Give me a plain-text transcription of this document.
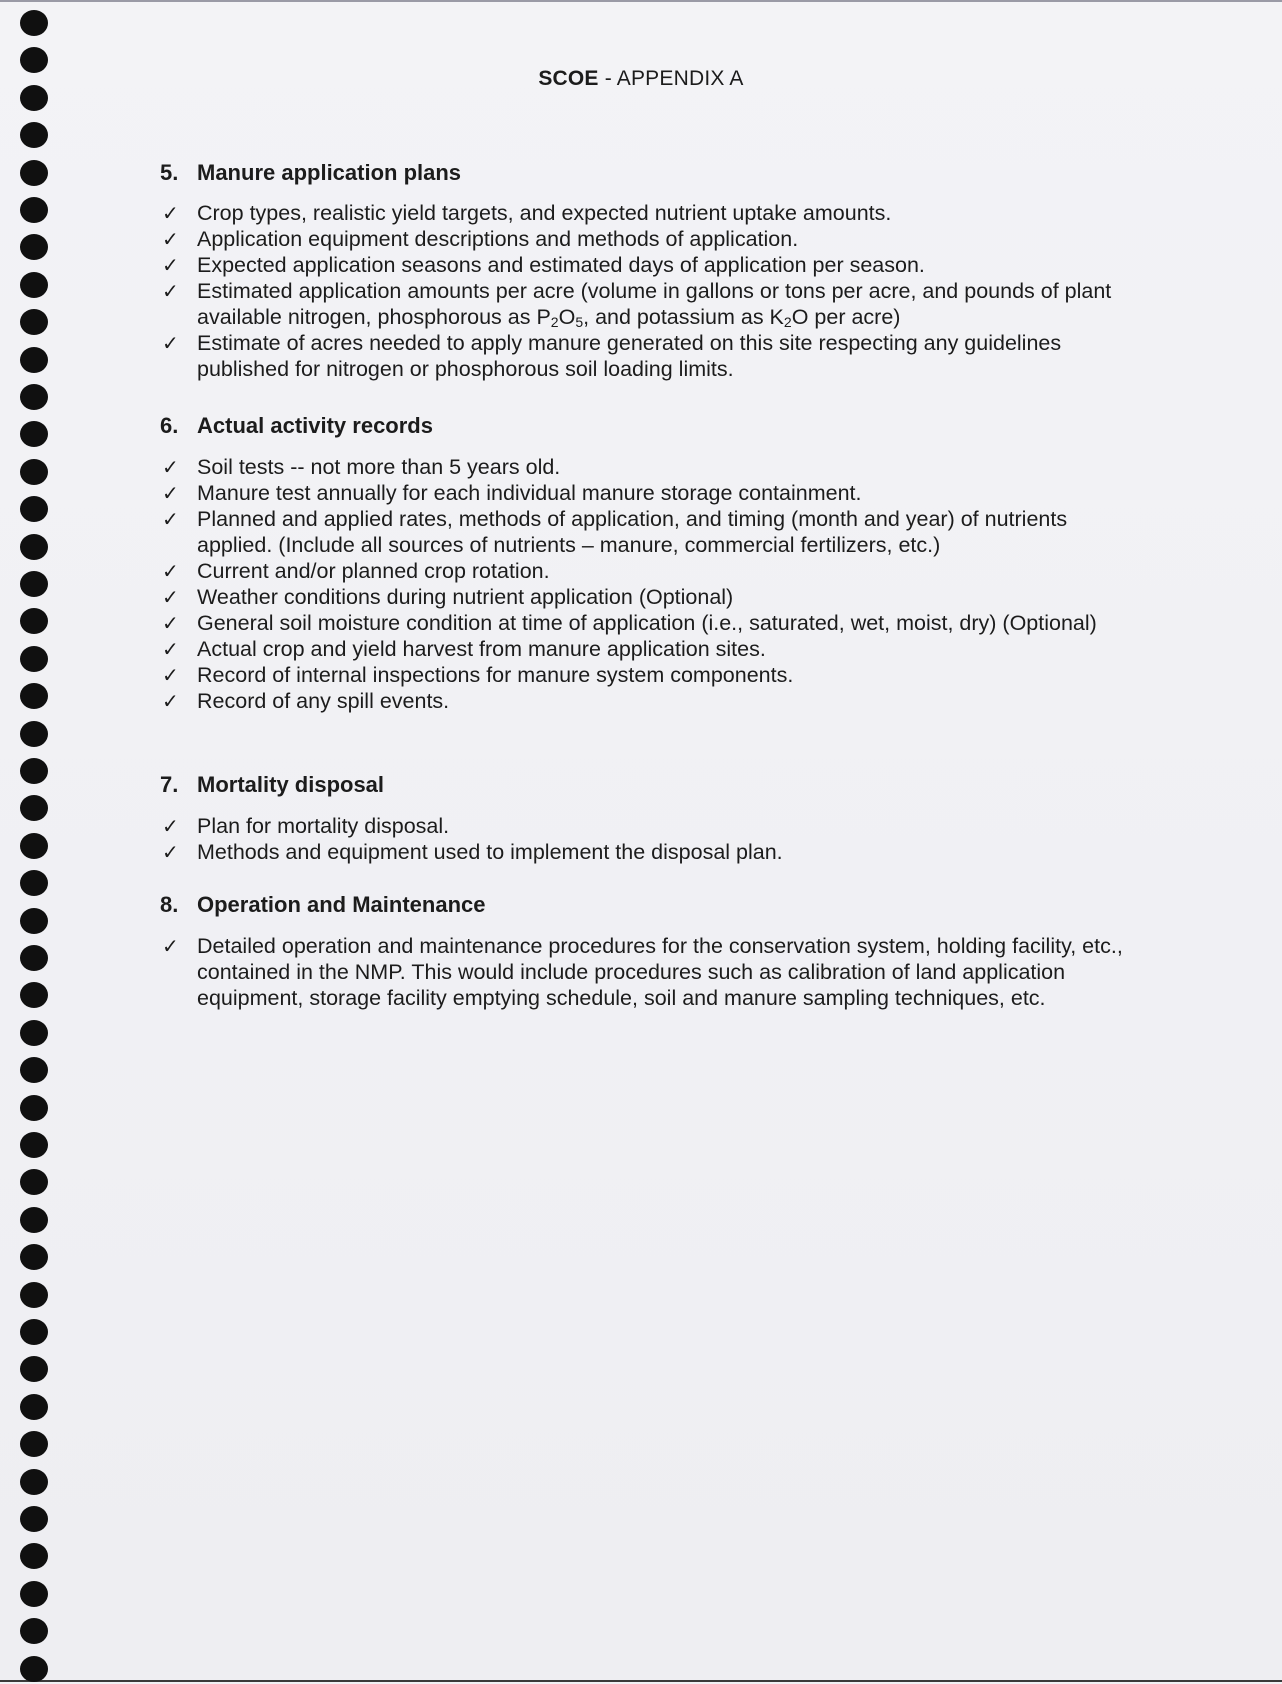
SCOE - APPENDIX A
5. Manure application plans
✓ Crop types, realistic yield targets, and expected nutrient uptake amounts.
✓ Application equipment descriptions and methods of application.
✓ Expected application seasons and estimated days of application per season.
✓ Estimated application amounts per acre (volume in gallons or tons per acre, and pounds of plant available nitrogen, phosphorous as $P_2O_5$, and potassium as $K_2O$ per acre)
✓ Estimate of acres needed to apply manure generated on this site respecting any guidelines published for nitrogen or phosphorous soil loading limits.
6. Actual activity records
✓ Soil tests -- not more than 5 years old.
✓ Manure test annually for each individual manure storage containment.
✓ Planned and applied rates, methods of application, and timing (month and year) of nutrients applied. (Include all sources of nutrients – manure, commercial fertilizers, etc.)
✓ Current and/or planned crop rotation.
✓ Weather conditions during nutrient application (Optional)
✓ General soil moisture condition at time of application (i.e., saturated, wet, moist, dry) (Optional)
✓ Actual crop and yield harvest from manure application sites.
✓ Record of internal inspections for manure system components.
✓ Record of any spill events.
7. Mortality disposal
✓ Plan for mortality disposal.
✓ Methods and equipment used to implement the disposal plan.
8. Operation and Maintenance
✓ Detailed operation and maintenance procedures for the conservation system, holding facility, etc., contained in the NMP. This would include procedures such as calibration of land application equipment, storage facility emptying schedule, soil and manure sampling techniques, etc.
